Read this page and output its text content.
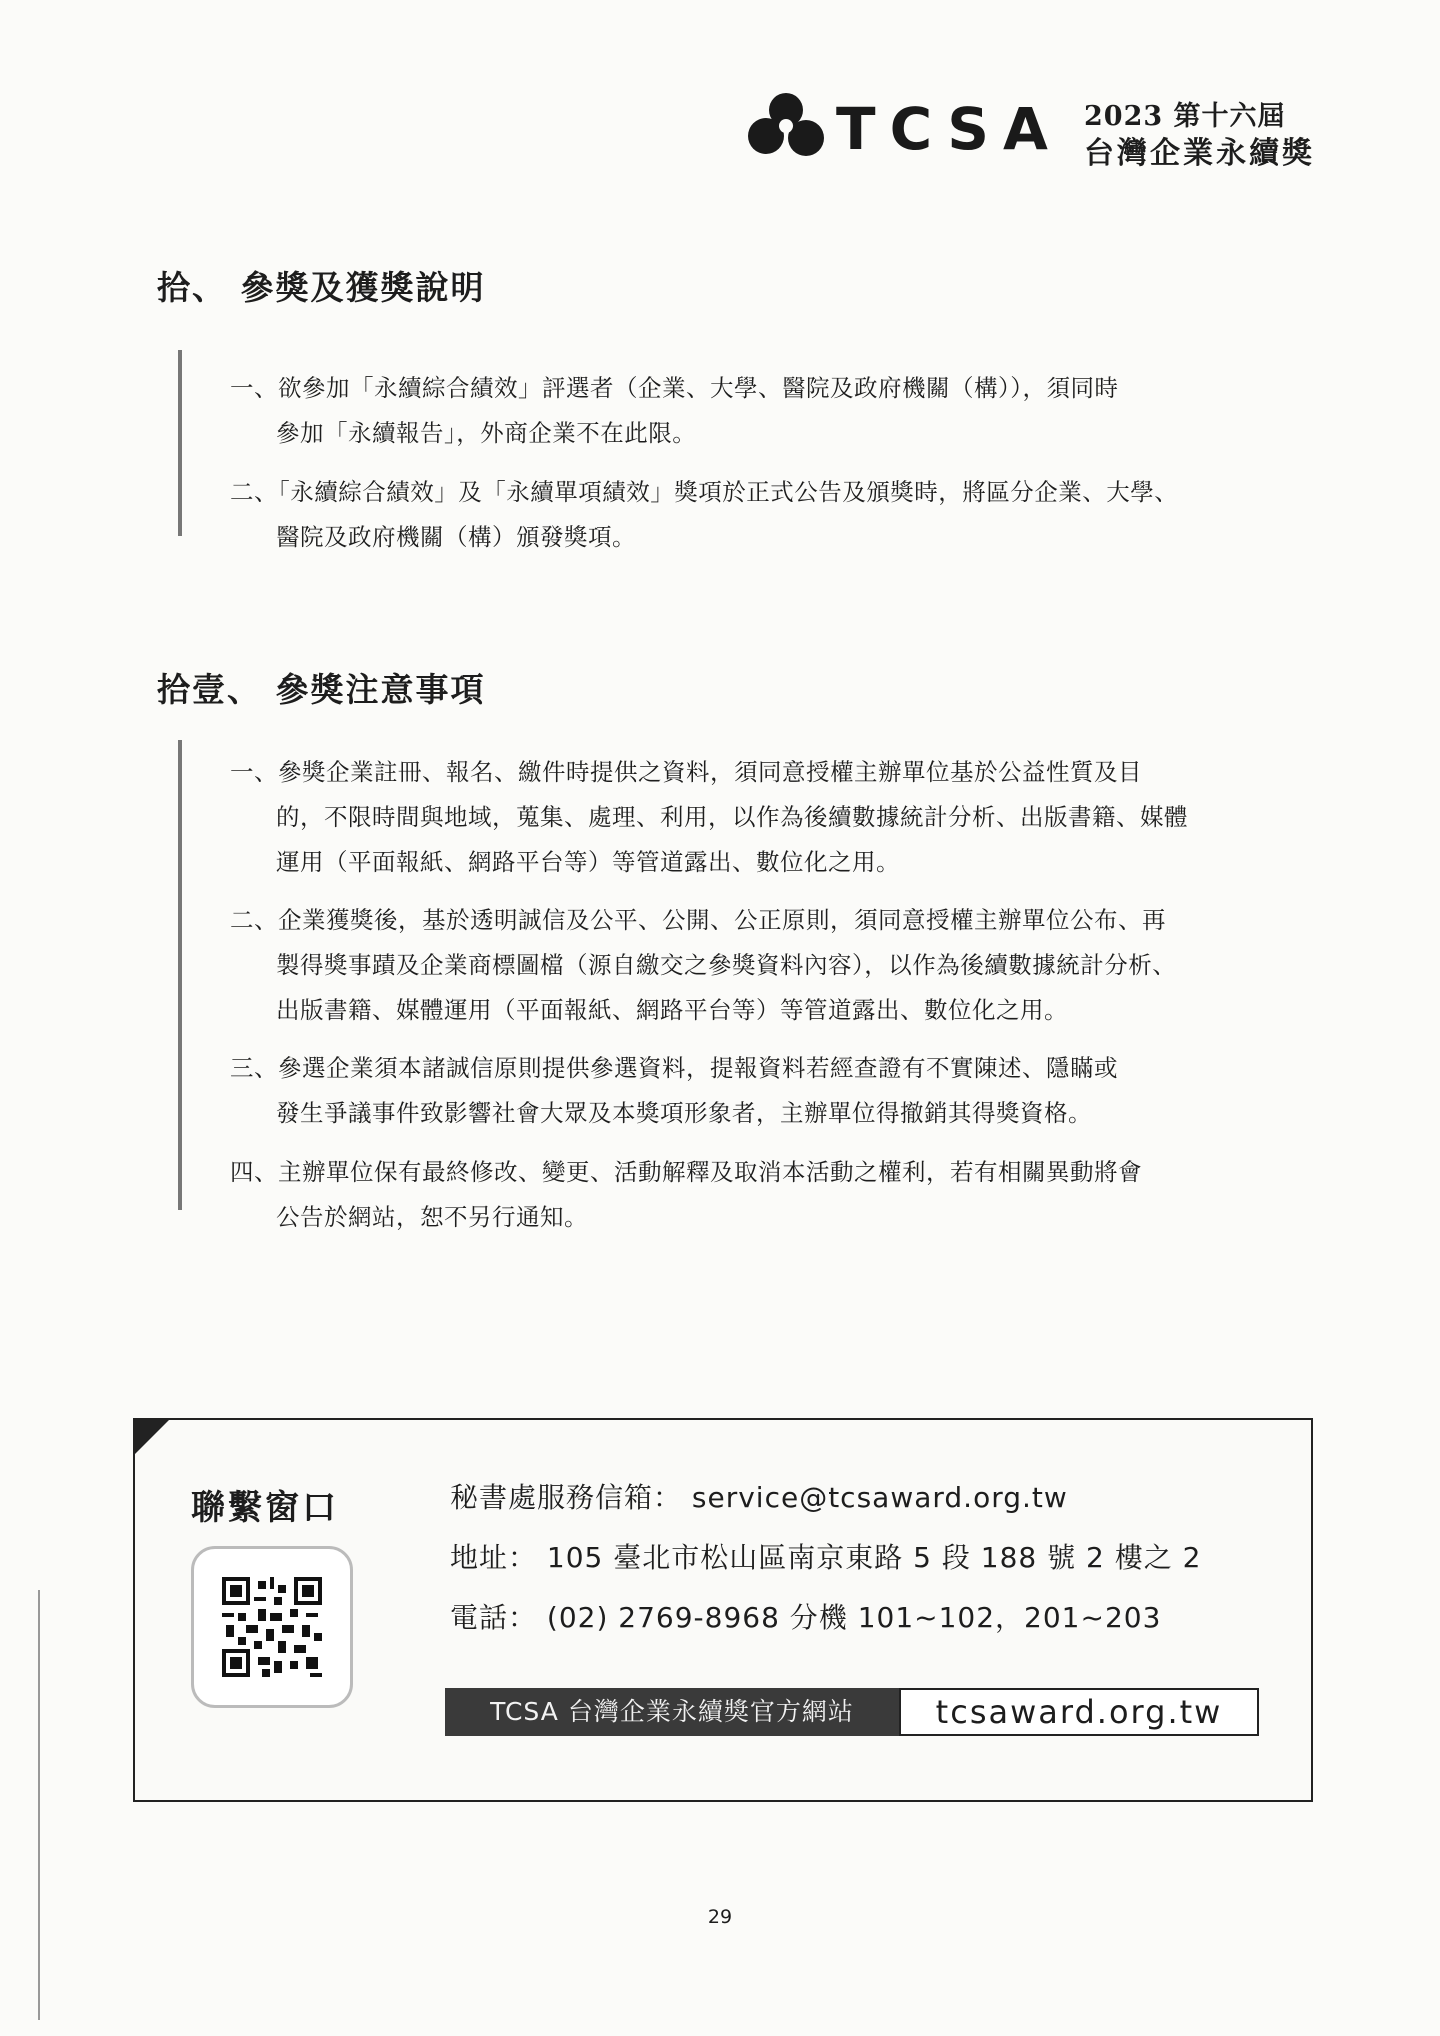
TCSA 2023 第十六屆
台灣企業永續獎
拾、 參獎及獲獎說明
一、欲參加「永續綜合績效」評選者（企業、大學、醫院及政府機關（構）），須同時
參加「永續報告」，外商企業不在此限。
二、「永續綜合績效」及「永續單項績效」獎項於正式公告及頒獎時，將區分企業、大學、
醫院及政府機關（構）頒發獎項。
拾壹、 參獎注意事項
一、參獎企業註冊、報名、繳件時提供之資料，須同意授權主辦單位基於公益性質及目
的，不限時間與地域，蒐集、處理、利用，以作為後續數據統計分析、出版書籍、媒體運用（平面報紙、網路平台等）等管道露出、數位化之用。
二、企業獲獎後，基於透明誠信及公平、公開、公正原則，須同意授權主辦單位公布、再
製得獎事蹟及企業商標圖檔（源自繳交之參獎資料內容），以作為後續數據統計分析、出版書籍、媒體運用（平面報紙、網路平台等）等管道露出、數位化之用。
三、參選企業須本諸誠信原則提供參選資料，提報資料若經查證有不實陳述、隱瞞或
發生爭議事件致影響社會大眾及本獎項形象者，主辦單位得撤銷其得獎資格。
四、主辦單位保有最終修改、變更、活動解釋及取消本活動之權利，若有相關異動將會
公告於網站，恕不另行通知。
聯繫窗口	秘書處服務信箱： service@tcsaward.org.tw
地址： 105 臺北市松山區南京東路 5 段 188 號 2 樓之 2
電話： (02) 2769-8968 分機 101~102，201~203
TCSA 台灣企業永續獎官方網站	tcsaward.org.tw
29
